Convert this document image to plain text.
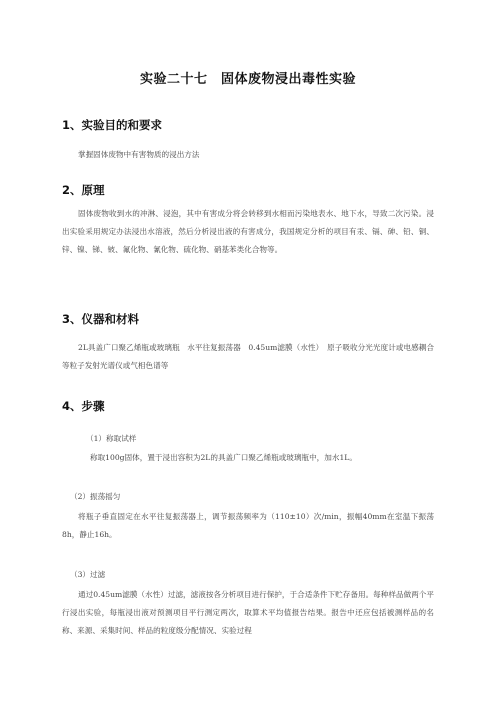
实验二十七　固体废物浸出毒性实验
1、实验目的和要求
掌握固体废物中有害物质的浸出方法
2、原理
固体废物收到水的冲淋、浸泡，其中有害成分将会转移到水相而污染地表水、地下水，导致二次污染。浸出实验采用规定办法浸出水溶液，然后分析浸出液的有害成分，我国规定分析的项目有汞、镉、砷、铅、铜、锌、镍、锑、铍、氟化物、氰化物、硫化物、硝基苯类化合物等。
3、仪器和材料
2L具盖广口聚乙烯瓶或玻璃瓶　水平往复振荡器　0.45um滤膜（水性）　原子吸收分光光度计或电感耦合等粒子发射光谱仪或气相色谱等
4、步骤
（1）称取试样
称取100g固体，置于浸出容积为2L的具盖广口聚乙烯瓶或玻璃瓶中，加水1L。
（2）振荡摇匀
将瓶子垂直固定在水平往复振荡器上，调节振荡频率为（110±10）次/min，振幅40mm在室温下振荡8h，静止16h。
（3）过滤
通过0.45um滤膜（水性）过滤，滤液按各分析项目进行保护，于合适条件下贮存备用。每种样品做两个平行浸出实验，每瓶浸出液对预测项目平行测定两次，取算术平均值报告结果。报告中还应包括被测样品的名称、来源、采集时间、样品的粒度级分配情况、实验过程
